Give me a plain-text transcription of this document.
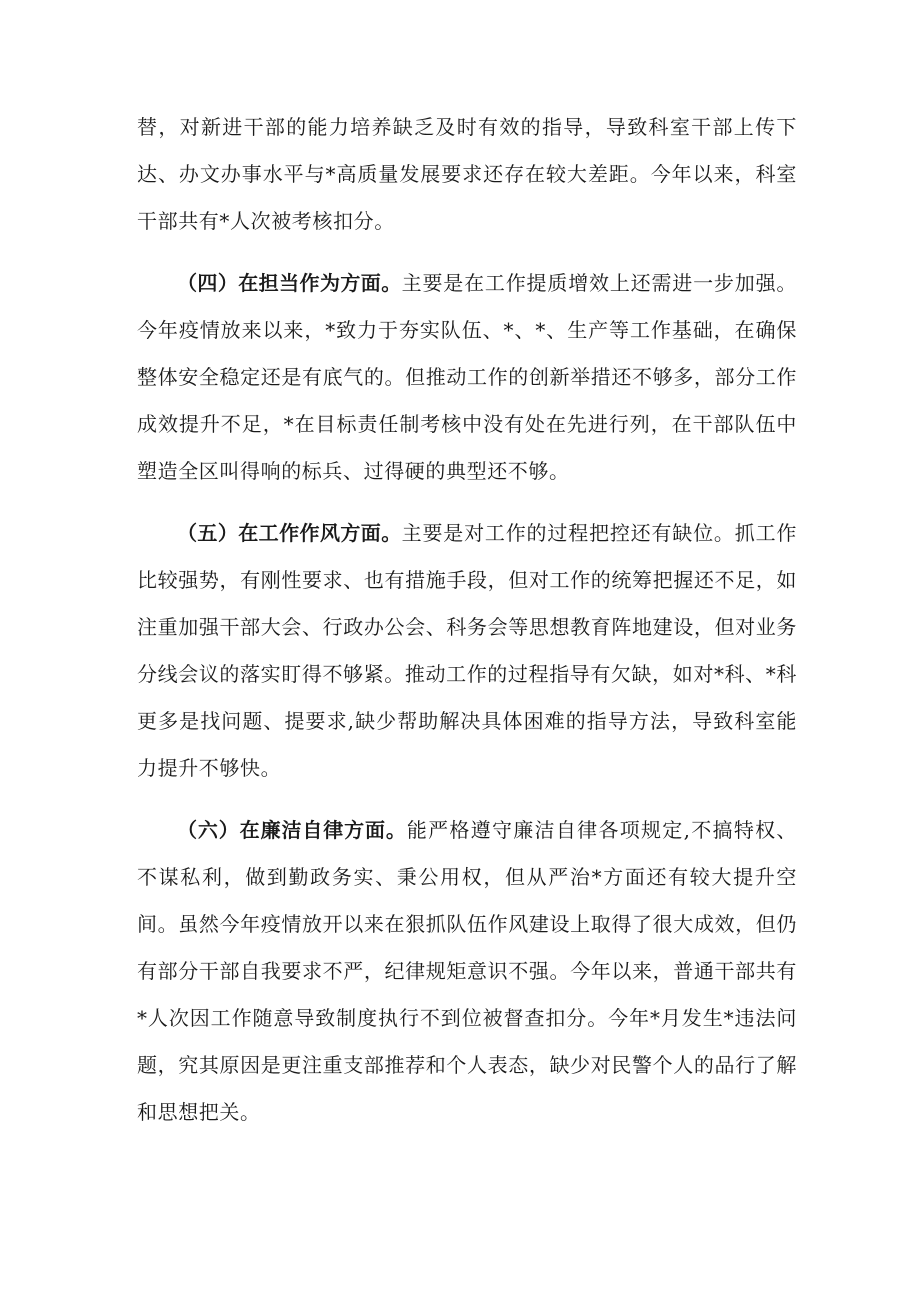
替，对新进干部的能力培养缺乏及时有效的指导，导致科室干部上传下达、办文办事水平与*高质量发展要求还存在较大差距。今年以来，科室干部共有*人次被考核扣分。

（四）在担当作为方面。主要是在工作提质增效上还需进一步加强。今年疫情放来以来，*致力于夯实队伍、*、*、生产等工作基础，在确保整体安全稳定还是有底气的。但推动工作的创新举措还不够多，部分工作成效提升不足，*在目标责任制考核中没有处在先进行列，在干部队伍中塑造全区叫得响的标兵、过得硬的典型还不够。

（五）在工作作风方面。主要是对工作的过程把控还有缺位。抓工作比较强势，有刚性要求、也有措施手段，但对工作的统筹把握还不足，如注重加强干部大会、行政办公会、科务会等思想教育阵地建设，但对业务分线会议的落实盯得不够紧。推动工作的过程指导有欠缺，如对*科、*科更多是找问题、提要求,缺少帮助解决具体困难的指导方法，导致科室能力提升不够快。

（六）在廉洁自律方面。能严格遵守廉洁自律各项规定,不搞特权、不谋私利，做到勤政务实、秉公用权，但从严治*方面还有较大提升空间。虽然今年疫情放开以来在狠抓队伍作风建设上取得了很大成效，但仍有部分干部自我要求不严，纪律规矩意识不强。今年以来，普通干部共有*人次因工作随意导致制度执行不到位被督查扣分。今年*月发生*违法问题，究其原因是更注重支部推荐和个人表态，缺少对民警个人的品行了解和思想把关。
